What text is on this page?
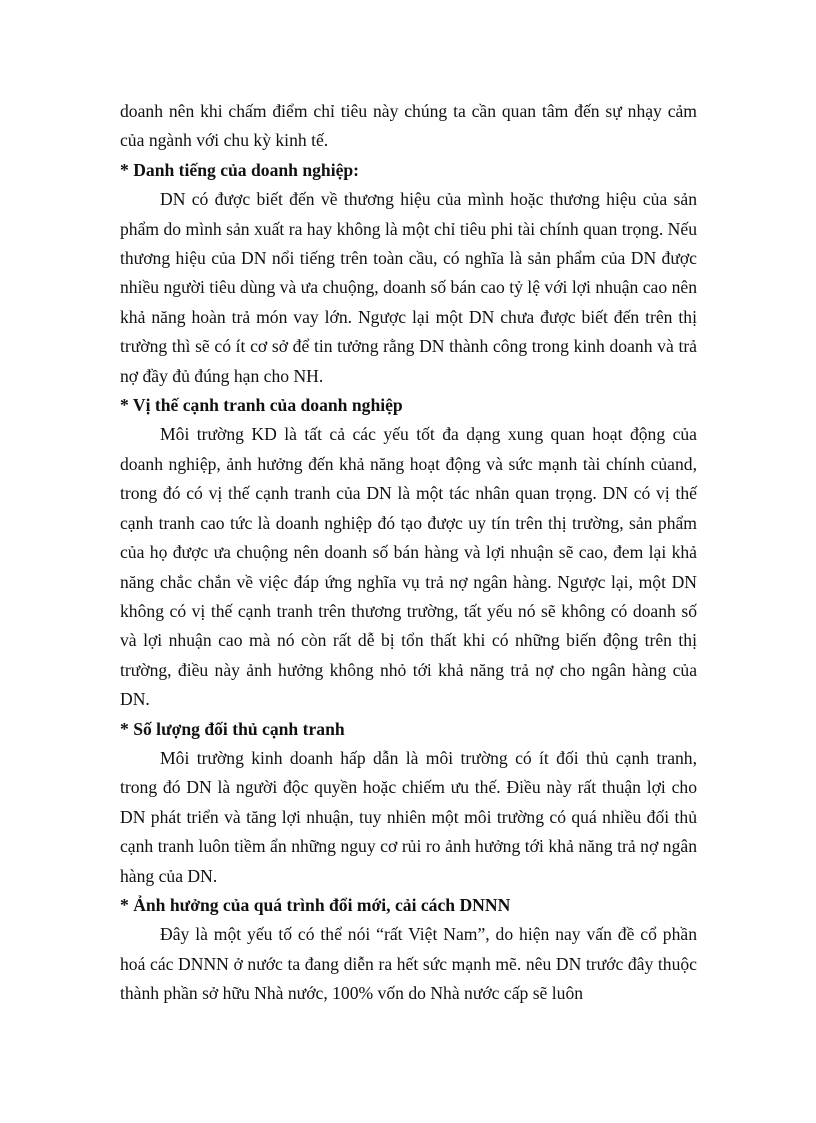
doanh nên khi chấm điểm chỉ tiêu này chúng ta cần quan tâm đến sự nhạy cảm của ngành với chu kỳ kinh tế.

* Danh tiếng của doanh nghiệp:

DN có được biết đến về thương hiệu của mình hoặc thương hiệu của sản phẩm do mình sản xuất ra hay không là một chỉ tiêu phi tài chính quan trọng. Nếu thương hiệu của DN nổi tiếng trên toàn cầu, có nghĩa là sản phẩm của DN được nhiều người tiêu dùng và ưa chuộng, doanh số bán cao tỷ lệ với lợi nhuận cao nên khả năng hoàn trả món vay lớn. Ngược lại một DN chưa được biết đến trên thị trường thì sẽ có ít cơ sở để tin tưởng rằng DN thành công trong kinh doanh và trả nợ đầy đủ đúng hạn cho NH.

* Vị thế cạnh tranh của doanh nghiệp

Môi trường KD là tất cả các yếu tốt đa dạng xung quan hoạt động của doanh nghiệp, ảnh hưởng đến khả năng hoạt động và sức mạnh tài chính củand, trong đó có vị thế cạnh tranh của DN là một tác nhân quan trọng. DN có vị thế cạnh tranh cao tức là doanh nghiệp đó tạo được uy tín trên thị trường, sản phẩm của họ được ưa chuộng nên doanh số bán hàng và lợi nhuận sẽ cao, đem lại khả năng chắc chắn về việc đáp ứng nghĩa vụ trả nợ ngân hàng. Ngược lại, một DN không có vị thế cạnh tranh trên thương trường, tất yếu nó sẽ không có doanh số và lợi nhuận cao mà nó còn rất dễ bị tổn thất khi có những biến động trên thị trường, điều này ảnh hưởng không nhỏ tới khả năng trả nợ cho ngân hàng của DN.

* Số lượng đối thủ cạnh tranh

Môi trường kinh doanh hấp dẫn là môi trường có ít đối thủ cạnh tranh, trong đó DN là người độc quyền hoặc chiếm ưu thế. Điều này rất thuận lợi cho DN phát triển và tăng lợi nhuận, tuy nhiên một môi trường có quá nhiều đối thủ cạnh tranh luôn tiềm ẩn những nguy cơ rủi ro ảnh hưởng tới khả năng trả nợ ngân hàng của DN.

* Ảnh hưởng của quá trình đổi mới, cải cách DNNN

Đây là một yếu tố có thể nói “rất Việt Nam”, do hiện nay vấn đề cổ phần hoá các DNNN ở nước ta đang diễn ra hết sức mạnh mẽ. nêu DN trước đây thuộc thành phần sở hữu Nhà nước, 100% vốn do Nhà nước cấp sẽ luôn
